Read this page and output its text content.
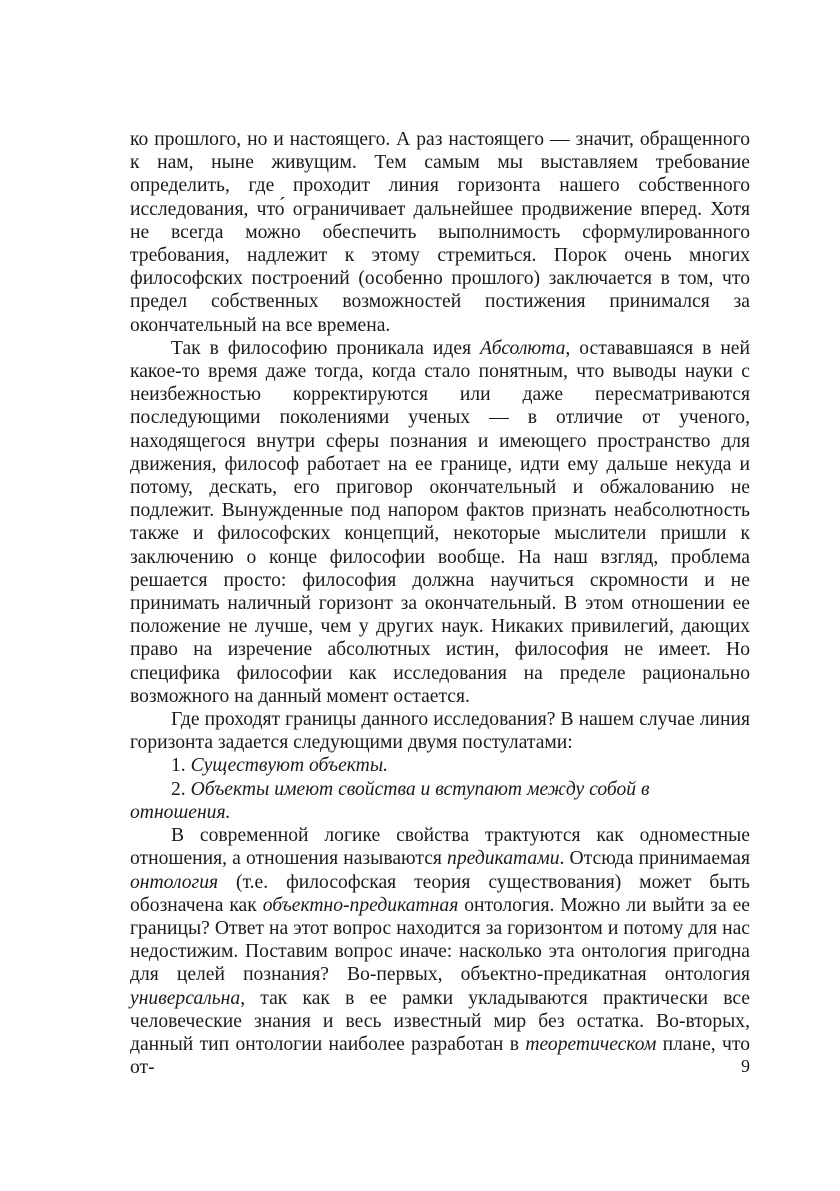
ко прошлого, но и настоящего. А раз настоящего — значит, обращенного к нам, ныне живущим. Тем самым мы выставляем требование определить, где проходит линия горизонта нашего собственного исследования, что́ ограничивает дальнейшее продвижение вперед. Хотя не всегда можно обеспечить выполнимость сформулированного требования, надлежит к этому стремиться. Порок очень многих философских построений (особенно прошлого) заключается в том, что предел собственных возможностей постижения принимался за окончательный на все времена.

Так в философию проникала идея Абсолюта, остававшаяся в ней какое-то время даже тогда, когда стало понятным, что выводы науки с неизбежностью корректируются или даже пересматриваются последующими поколениями ученых — в отличие от ученого, находящегося внутри сферы познания и имеющего пространство для движения, философ работает на ее границе, идти ему дальше некуда и потому, дескать, его приговор окончательный и обжалованию не подлежит. Вынужденные под напором фактов признать неабсолютность также и философских концепций, некоторые мыслители пришли к заключению о конце философии вообще. На наш взгляд, проблема решается просто: философия должна научиться скромности и не принимать наличный горизонт за окончательный. В этом отношении ее положение не лучше, чем у других наук. Никаких привилегий, дающих право на изречение абсолютных истин, философия не имеет. Но специфика философии как исследования на пределе рационально возможного на данный момент остается.

Где проходят границы данного исследования? В нашем случае линия горизонта задается следующими двумя постулатами:

1. Существуют объекты.

2. Объекты имеют свойства и вступают между собой в отношения.

В современной логике свойства трактуются как одноместные отношения, а отношения называются предикатами. Отсюда принимаемая онтология (т.е. философская теория существования) может быть обозначена как объектно-предикатная онтология. Можно ли выйти за ее границы? Ответ на этот вопрос находится за горизонтом и потому для нас недостижим. Поставим вопрос иначе: насколько эта онтология пригодна для целей познания? Во-первых, объектно-предикатная онтология универсальна, так как в ее рамки укладываются практически все человеческие знания и весь известный мир без остатка. Во-вторых, данный тип онтологии наиболее разработан в теоретическом плане, что от-	9
